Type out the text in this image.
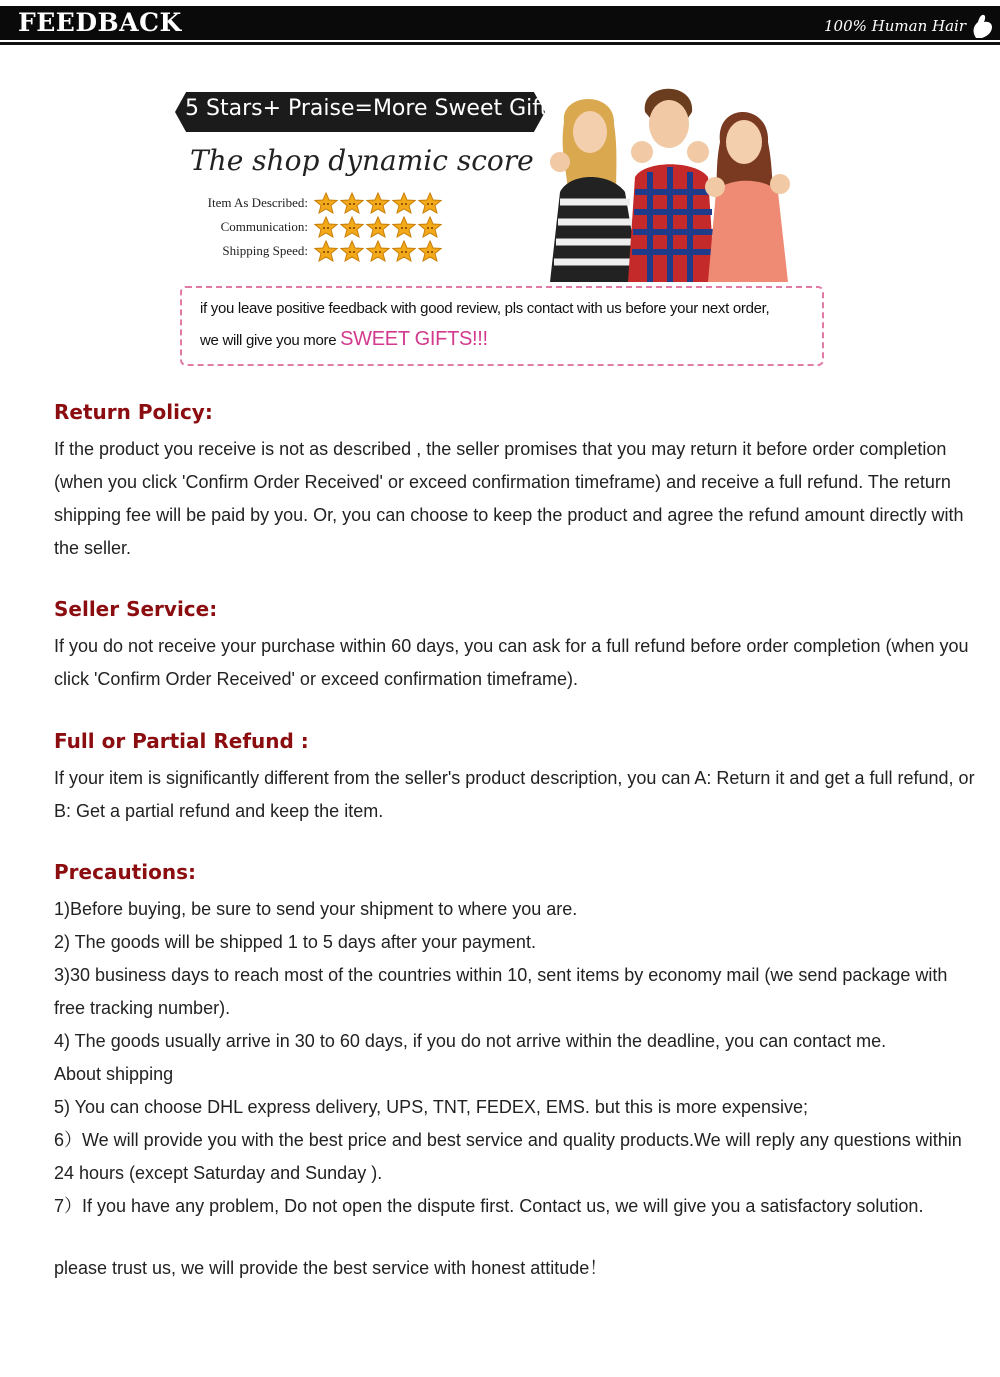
FEEDBACK	100% Human Hair
5 Stars+ Praise=More Sweet Gifts
The shop dynamic score
Item As Described:
Communication:
Shipping Speed:
if you leave positive feedback with good review, pls contact with us before your next order,
we will give you more SWEET GIFTS!!!
Return Policy:
If the product you receive is not as described , the seller promises that you may return it before order completion
(when you click 'Confirm Order Received' or exceed confirmation timeframe) and receive a full refund. The return
shipping fee will be paid by you. Or, you can choose to keep the product and agree the refund amount directly with
the seller.
Seller Service:
If you do not receive your purchase within 60 days, you can ask for a full refund before order completion (when you
click 'Confirm Order Received' or exceed confirmation timeframe).
Full or Partial Refund :
If your item is significantly different from the seller's product description, you can A: Return it and get a full refund, or
B: Get a partial refund and keep the item.
Precautions:
1)Before buying, be sure to send your shipment to where you are.
2) The goods will be shipped 1 to 5 days after your payment.
3)30 business days to reach most of the countries within 10, sent items by economy mail (we send package with
free tracking number).
4) The goods usually arrive in 30 to 60 days, if you do not arrive within the deadline, you can contact me.
About shipping
5) You can choose DHL express delivery, UPS, TNT, FEDEX, EMS. but this is more expensive;
6）We will provide you with the best price and best service and quality products.We will reply any questions within
24 hours (except Saturday and Sunday ).
7）If you have any problem, Do not open the dispute first. Contact us, we will give you a satisfactory solution.
please trust us, we will provide the best service with honest attitude！
